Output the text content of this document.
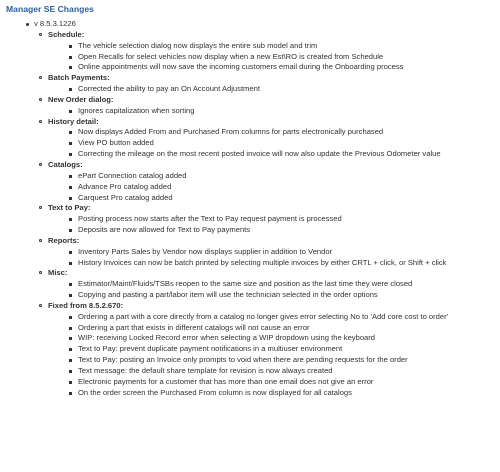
Manager SE Changes
v 8.5.3.1226
Schedule:
The vehicle selection dialog now displays the entire sub model and trim
Open Recalls for select vehicles now display when a new Est\RO is created from Schedule
Online appointments will now save the incoming customers email during the Onboarding process
Batch Payments:
Corrected the ability to pay an On Account Adjustment
New Order dialog:
Ignores capitalization when sorting
History detail:
Now displays Added From and Purchased From columns for parts electronically purchased
View PO button added
Correcting the mileage on the most recent posted invoice will now also update the Previous Odometer value
Catalogs:
ePart Connection catalog added
Advance Pro catalog added
Carquest Pro catalog added
Text to Pay:
Posting process now starts after the Text to Pay request payment is processed
Deposits are now allowed for Text to Pay payments
Reports:
Inventory Parts Sales by Vendor now displays supplier in addition to Vendor
History Invoices can now be batch printed by selecting multiple invoices by either CRTL + click, or Shift + click
Misc:
Estimator/Maint/Fluids/TSBs reopen to the same size and position as the last time they were closed
Copying and pasting a part/labor item will use the technician selected in the order options
Fixed from 8.5.2.670:
Ordering a part with a core directly from a catalog no longer gives error selecting No to 'Add core cost to order'
Ordering a part that exists in different catalogs will not cause an error
WIP: receiving Locked Record error when selecting a WIP dropdown using the keyboard
Text to Pay: prevent duplicate payment notifications in a multiuser environment
Text to Pay: posting an Invoice only prompts to void when there are pending requests for the order
Text message: the default share template for revision is now always created
Electronic payments for a customer that has more than one email does not give an error
On the order screen the Purchased From column is now displayed for all catalogs
